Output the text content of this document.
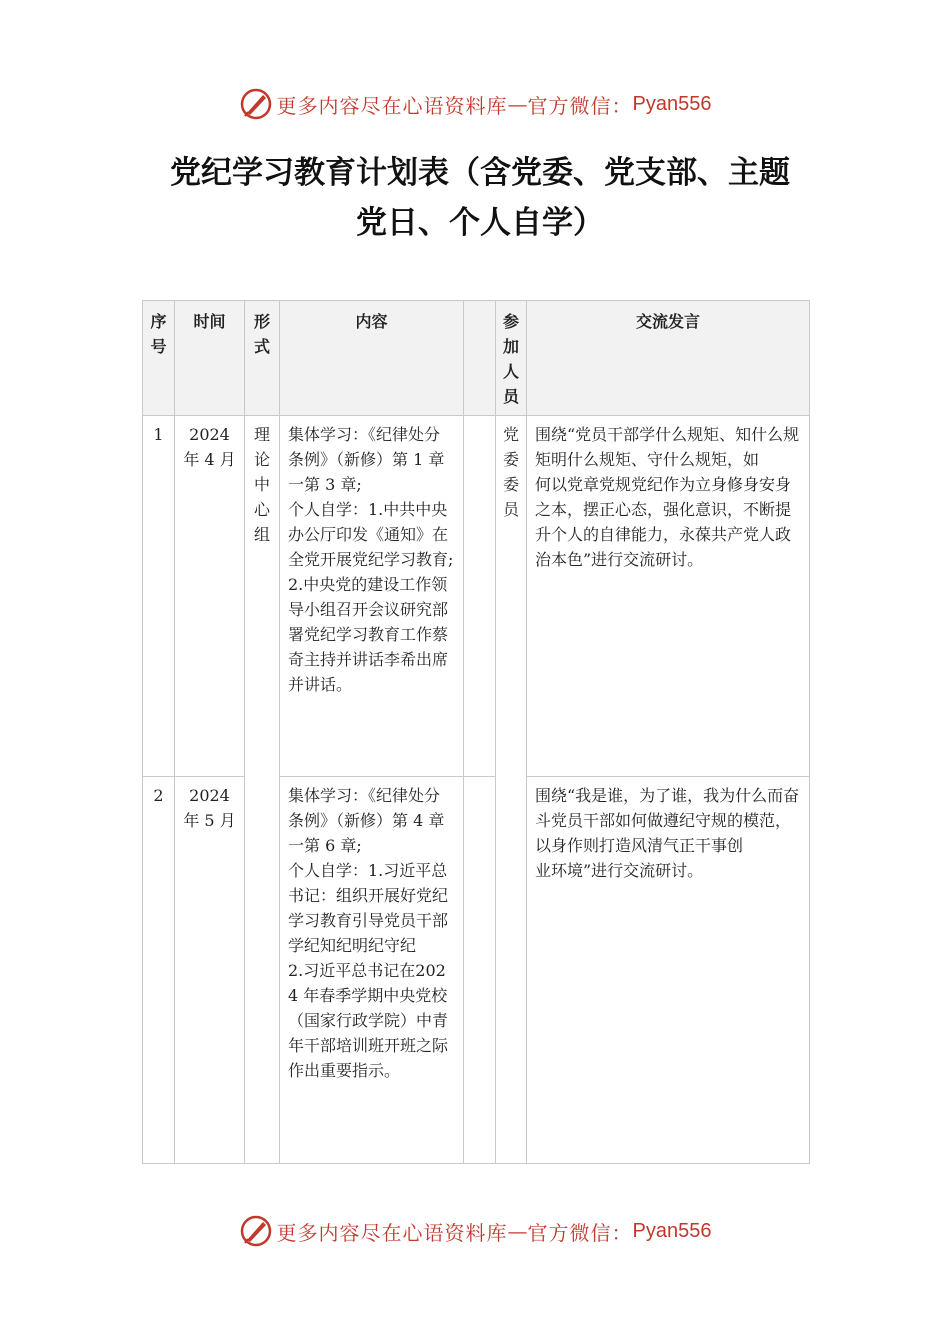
更多内容尽在心语资料库 — 官方微信： Pyan556
党纪学习教育计划表（含党委、党支部、主题
党日、个人自学）
序
号	时间	形
式	内容		参
加
人
员	交流发言
1	2024
年 4 月	理
论
中
心
组	集体学习：《纪律处分条例》（新修）第 1 章一第 3 章;
个人自学：1.中共中央办公厅印发《通知》在全党开展党纪学习教育;
2.中央党的建设工作领导小组召开会议研究部署党纪学习教育工作蔡奇主持并讲话李希出席并讲话。		党
委
委
员	围绕“党员干部学什么规矩、知什么规矩明什么规矩、守什么规矩，如
何以党章党规党纪作为立身修身安身之本，摆正心态，强化意识，不断提升个人的自律能力，永葆共产党人政治本色”进行交流研讨。

2	2024
年 5 月		集体学习：《纪律处分条例》（新修）第 4 章一第 6 章;
个人自学：1.习近平总书记：组织开展好党纪学习教育引导党员干部学纪知纪明纪守纪
2.习近平总书记在2024 年春季学期中央党校（国家行政学院）中青年干部培训班开班之际作出重要指示。			围绕“我是谁，为了谁，我为什么而奋斗党员干部如何做遵纪守规的模范，以身作则打造风清气正干事创
业环境”进行交流研讨。
更多内容尽在心语资料库 — 官方微信： Pyan556
